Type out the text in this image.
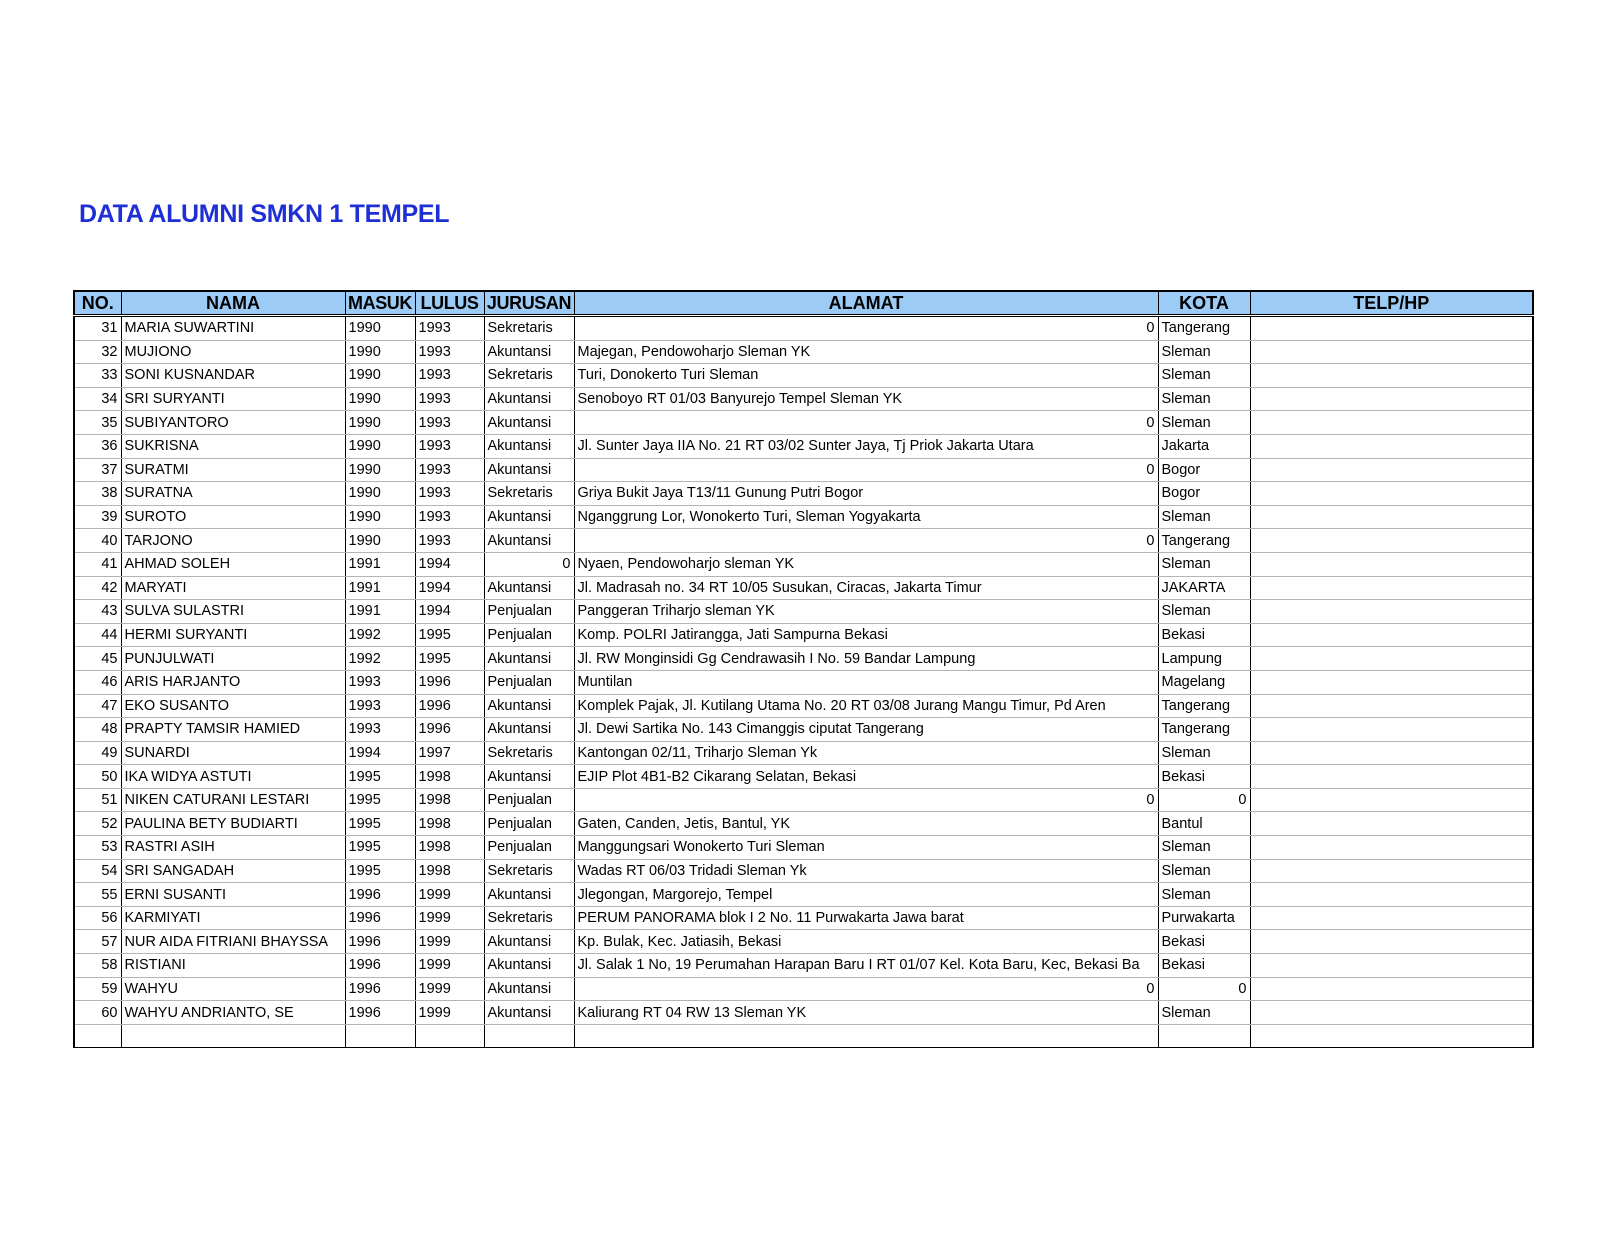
DATA ALUMNI SMKN 1 TEMPEL
NO.	NAMA	MASUK	LULUS	JURUSAN	ALAMAT	KOTA	TELP/HP
31	MARIA SUWARTINI	1990	1993	Sekretaris	0	Tangerang	
32	MUJIONO	1990	1993	Akuntansi	Majegan, Pendowoharjo Sleman YK	Sleman	
33	SONI KUSNANDAR	1990	1993	Sekretaris	Turi, Donokerto Turi Sleman	Sleman	
34	SRI SURYANTI	1990	1993	Akuntansi	Senoboyo RT 01/03 Banyurejo Tempel Sleman YK	Sleman	
35	SUBIYANTORO	1990	1993	Akuntansi	0	Sleman	
36	SUKRISNA	1990	1993	Akuntansi	Jl. Sunter Jaya IIA No. 21 RT 03/02 Sunter Jaya, Tj Priok Jakarta Utara	Jakarta	
37	SURATMI	1990	1993	Akuntansi	0	Bogor	
38	SURATNA	1990	1993	Sekretaris	Griya Bukit Jaya T13/11 Gunung Putri Bogor	Bogor	
39	SUROTO	1990	1993	Akuntansi	Nganggrung Lor, Wonokerto Turi, Sleman Yogyakarta	Sleman	
40	TARJONO	1990	1993	Akuntansi	0	Tangerang	
41	AHMAD SOLEH	1991	1994	0	Nyaen, Pendowoharjo sleman YK	Sleman	
42	MARYATI	1991	1994	Akuntansi	Jl. Madrasah no. 34 RT 10/05 Susukan, Ciracas, Jakarta Timur	JAKARTA	
43	SULVA SULASTRI	1991	1994	Penjualan	Panggeran Triharjo sleman YK	Sleman	
44	HERMI SURYANTI	1992	1995	Penjualan	Komp. POLRI Jatirangga, Jati Sampurna Bekasi	Bekasi	
45	PUNJULWATI	1992	1995	Akuntansi	Jl. RW Monginsidi Gg Cendrawasih I No. 59 Bandar Lampung	Lampung	
46	ARIS HARJANTO	1993	1996	Penjualan	Muntilan	Magelang	
47	EKO SUSANTO	1993	1996	Akuntansi	Komplek Pajak, Jl. Kutilang Utama No. 20 RT 03/08 Jurang Mangu Timur, Pd Aren	Tangerang	
48	PRAPTY TAMSIR HAMIED	1993	1996	Akuntansi	Jl. Dewi Sartika No. 143 Cimanggis ciputat Tangerang	Tangerang	
49	SUNARDI	1994	1997	Sekretaris	Kantongan 02/11, Triharjo Sleman Yk	Sleman	
50	IKA WIDYA ASTUTI	1995	1998	Akuntansi	EJIP Plot 4B1-B2 Cikarang Selatan, Bekasi	Bekasi	
51	NIKEN CATURANI LESTARI	1995	1998	Penjualan	0	0	
52	PAULINA BETY BUDIARTI	1995	1998	Penjualan	Gaten, Canden, Jetis, Bantul, YK	Bantul	
53	RASTRI ASIH	1995	1998	Penjualan	Manggungsari Wonokerto Turi Sleman	Sleman	
54	SRI SANGADAH	1995	1998	Sekretaris	Wadas RT 06/03 Tridadi Sleman Yk	Sleman	
55	ERNI SUSANTI	1996	1999	Akuntansi	Jlegongan, Margorejo, Tempel	Sleman	
56	KARMIYATI	1996	1999	Sekretaris	PERUM PANORAMA blok I 2 No. 11 Purwakarta Jawa barat	Purwakarta	
57	NUR AIDA FITRIANI BHAYSSA	1996	1999	Akuntansi	Kp. Bulak, Kec. Jatiasih, Bekasi	Bekasi	
58	RISTIANI	1996	1999	Akuntansi	Jl. Salak 1 No, 19 Perumahan Harapan Baru I RT 01/07 Kel. Kota Baru, Kec, Bekasi Ba	Bekasi	
59	WAHYU	1996	1999	Akuntansi	0	0	
60	WAHYU ANDRIANTO, SE	1996	1999	Akuntansi	Kaliurang RT 04 RW 13 Sleman YK	Sleman	
